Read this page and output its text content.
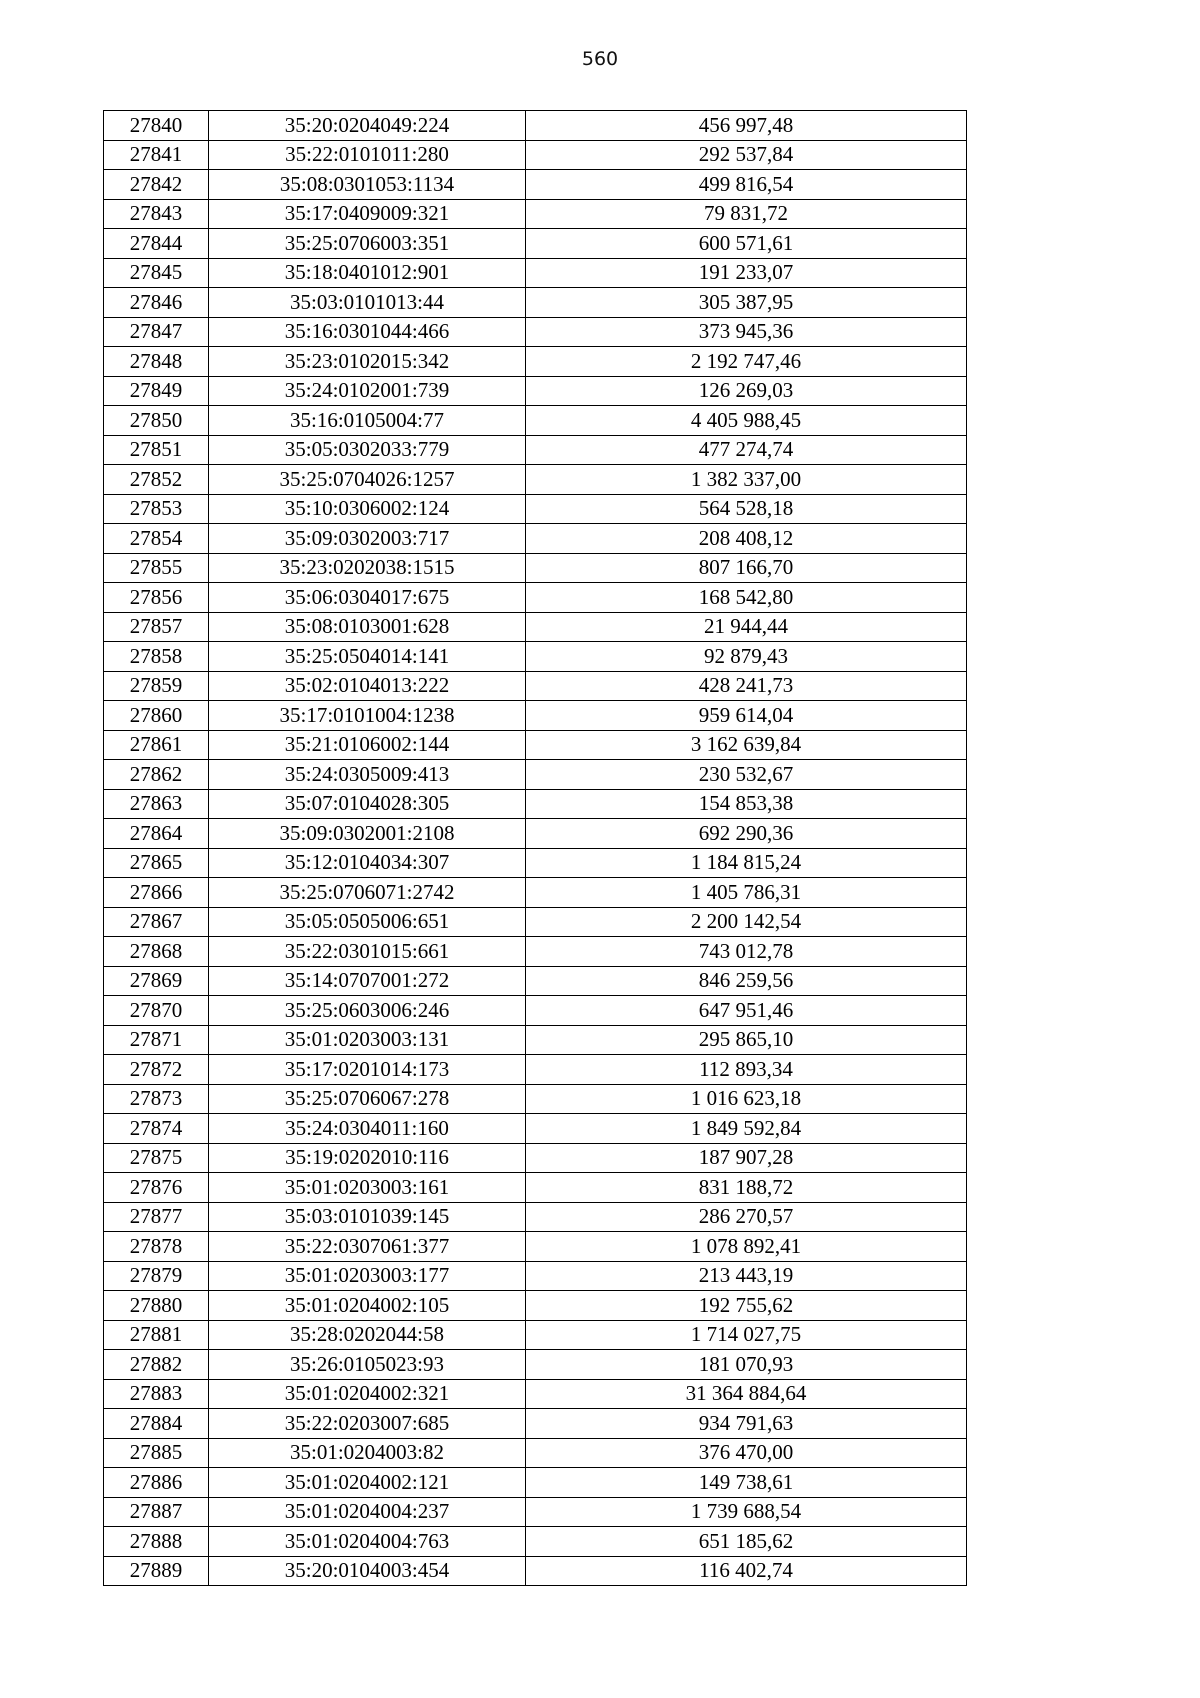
560
27840	35:20:0204049:224	456 997,48
27841	35:22:0101011:280	292 537,84
27842	35:08:0301053:1134	499 816,54
27843	35:17:0409009:321	79 831,72
27844	35:25:0706003:351	600 571,61
27845	35:18:0401012:901	191 233,07
27846	35:03:0101013:44	305 387,95
27847	35:16:0301044:466	373 945,36
27848	35:23:0102015:342	2 192 747,46
27849	35:24:0102001:739	126 269,03
27850	35:16:0105004:77	4 405 988,45
27851	35:05:0302033:779	477 274,74
27852	35:25:0704026:1257	1 382 337,00
27853	35:10:0306002:124	564 528,18
27854	35:09:0302003:717	208 408,12
27855	35:23:0202038:1515	807 166,70
27856	35:06:0304017:675	168 542,80
27857	35:08:0103001:628	21 944,44
27858	35:25:0504014:141	92 879,43
27859	35:02:0104013:222	428 241,73
27860	35:17:0101004:1238	959 614,04
27861	35:21:0106002:144	3 162 639,84
27862	35:24:0305009:413	230 532,67
27863	35:07:0104028:305	154 853,38
27864	35:09:0302001:2108	692 290,36
27865	35:12:0104034:307	1 184 815,24
27866	35:25:0706071:2742	1 405 786,31
27867	35:05:0505006:651	2 200 142,54
27868	35:22:0301015:661	743 012,78
27869	35:14:0707001:272	846 259,56
27870	35:25:0603006:246	647 951,46
27871	35:01:0203003:131	295 865,10
27872	35:17:0201014:173	112 893,34
27873	35:25:0706067:278	1 016 623,18
27874	35:24:0304011:160	1 849 592,84
27875	35:19:0202010:116	187 907,28
27876	35:01:0203003:161	831 188,72
27877	35:03:0101039:145	286 270,57
27878	35:22:0307061:377	1 078 892,41
27879	35:01:0203003:177	213 443,19
27880	35:01:0204002:105	192 755,62
27881	35:28:0202044:58	1 714 027,75
27882	35:26:0105023:93	181 070,93
27883	35:01:0204002:321	31 364 884,64
27884	35:22:0203007:685	934 791,63
27885	35:01:0204003:82	376 470,00
27886	35:01:0204002:121	149 738,61
27887	35:01:0204004:237	1 739 688,54
27888	35:01:0204004:763	651 185,62
27889	35:20:0104003:454	116 402,74
